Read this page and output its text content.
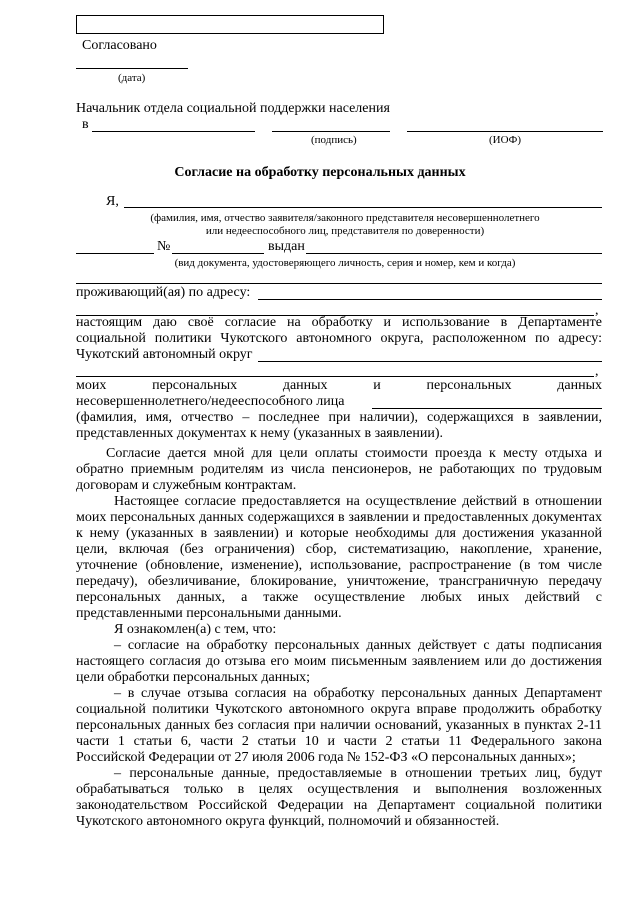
Согласовано
(дата)
Начальник отдела социальной поддержки населения
в
(подпись)	(ИОФ)
Согласие на обработку персональных данных
Я,
(фамилия, имя, отчество заявителя/законного представителя несовершеннолетнего
или недееспособного лиц, представителя по доверенности)
№	выдан
(вид документа, удостоверяющего личность, серия и номер, кем и когда)
проживающий(ая) по адресу:
,
настоящим даю своё согласие на обработку и использование в Департаменте
социальной политики Чукотского автономного округа, расположенном по адресу:
Чукотский автономный округ
,
моих персональных данных и персональных данных
несовершеннолетнего/недееспособного лица
(фамилия, имя, отчество – последнее при наличии), содержащихся в заявлении,
представленных документах к нему (указанных в заявлении).
Согласие дается мной для цели оплаты стоимости проезда к месту отдыха и
обратно приемным родителям из числа пенсионеров, не работающих по трудовым
договорам и служебным контрактам.
Настоящее согласие предоставляется на осуществление действий в отношении
моих персональных данных содержащихся в заявлении и предоставленных документах
к нему (указанных в заявлении) и которые необходимы для достижения указанной
цели, включая (без ограничения) сбор, систематизацию, накопление, хранение,
уточнение (обновление, изменение), использование, распространение (в том числе
передачу), обезличивание, блокирование, уничтожение, трансграничную передачу
персональных данных, а также осуществление любых иных действий с
представленными персональными данными.
Я ознакомлен(а) с тем, что:
– согласие на обработку персональных данных действует с даты подписания
настоящего согласия до отзыва его моим письменным заявлением или до достижения
цели обработки персональных данных;
– в случае отзыва согласия на обработку персональных данных Департамент
социальной политики Чукотского автономного округа вправе продолжить обработку
персональных данных без согласия при наличии оснований, указанных в пунктах 2-11
части 1 статьи 6, части 2 статьи 10 и части 2 статьи 11 Федерального закона
Российской Федерации от 27 июля 2006 года № 152-ФЗ «О персональных данных»;
– персональные данные, предоставляемые в отношении третьих лиц, будут
обрабатываться только в целях осуществления и выполнения возложенных
законодательством Российской Федерации на Департамент социальной политики
Чукотского автономного округа функций, полномочий и обязанностей.
